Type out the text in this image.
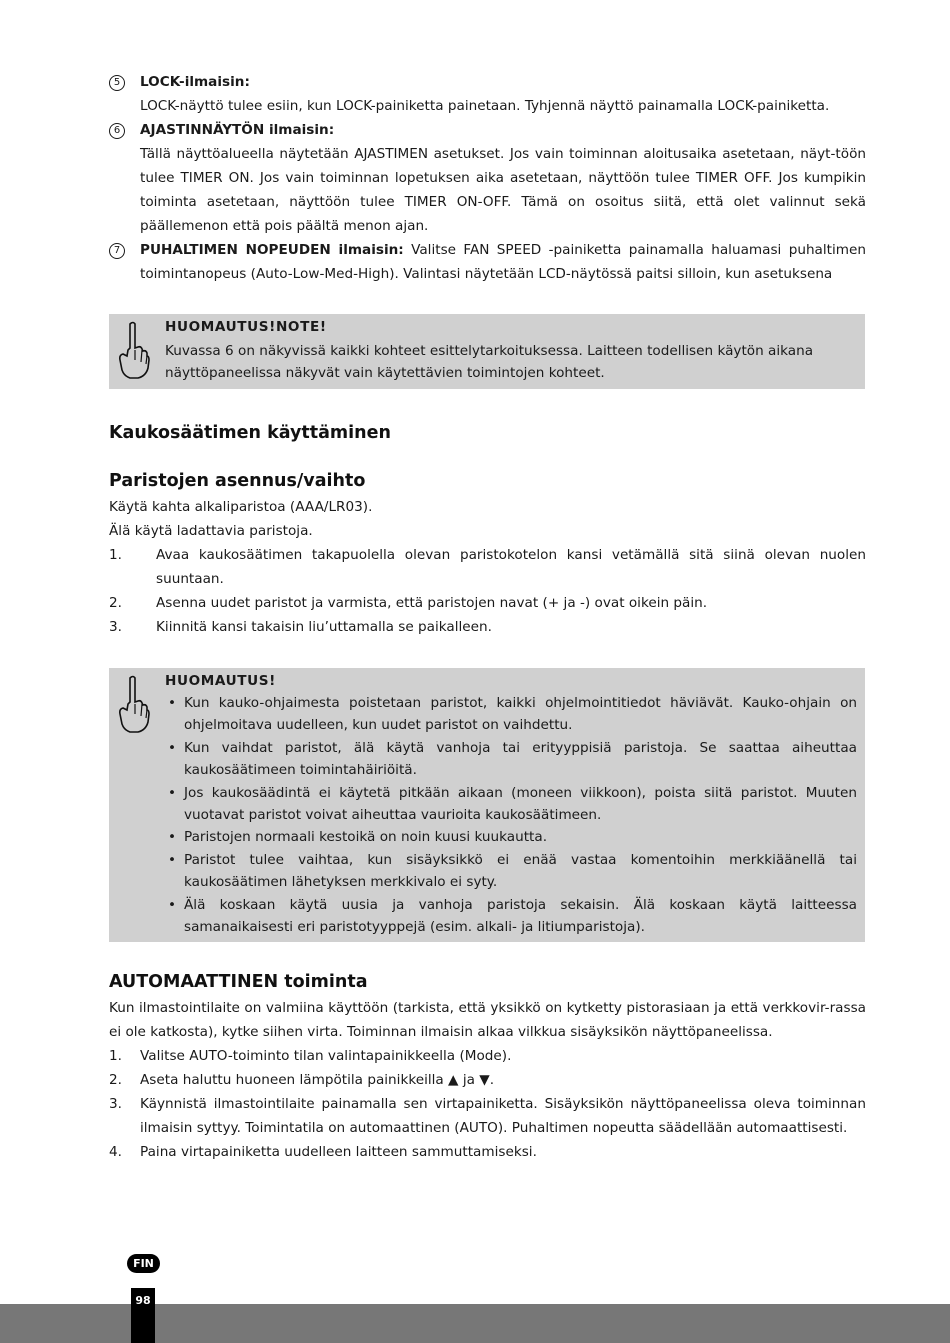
5	LOCK-ilmaisin:
LOCK-näyttö tulee esiin, kun LOCK-painiketta painetaan. Tyhjennä näyttö painamalla LOCK-painiketta.
6	AJASTINNÄYTÖN ilmaisin:
Tällä näyttöalueella näytetään AJASTIMEN asetukset. Jos vain toiminnan aloitusaika asetetaan, näyt-töön tulee TIMER ON. Jos vain toiminnan lopetuksen aika asetetaan, näyttöön tulee TIMER OFF. Jos kumpikin toiminta asetetaan, näyttöön tulee TIMER ON-OFF. Tämä on osoitus siitä, että olet valinnut sekä päällemenon että pois päältä menon ajan.
7	PUHALTIMEN NOPEUDEN ilmaisin: Valitse FAN SPEED -painiketta painamalla haluamasi puhaltimen toimintanopeus (Auto-Low-Med-High). Valintasi näytetään LCD-näytössä paitsi silloin, kun asetuksena
HUOMAUTUS!NOTE!
Kuvassa 6 on näkyvissä kaikki kohteet esittelytarkoituksessa. Laitteen todellisen käytön aikana näyttöpaneelissa näkyvät vain käytettävien toimintojen kohteet.
Kaukosäätimen käyttäminen
Paristojen asennus/vaihto

Käytä kahta alkaliparistoa (AAA/LR03).

Älä käytä ladattavia paristoja.

1.	Avaa kaukosäätimen takapuolella olevan paristokotelon kansi vetämällä sitä siinä olevan nuolen suuntaan.
2.	Asenna uudet paristot ja varmista, että paristojen navat (+ ja -) ovat oikein päin.
3.	Kiinnitä kansi takaisin liu’uttamalla se paikalleen.
HUOMAUTUS!
• Kun kauko-ohjaimesta poistetaan paristot, kaikki ohjelmointitiedot häviävät. Kauko-ohjain on ohjelmoitava uudelleen, kun uudet paristot on vaihdettu.
• Kun vaihdat paristot, älä käytä vanhoja tai erityyppisiä paristoja. Se saattaa aiheuttaa kaukosäätimeen toimintahäiriöitä.
• Jos kaukosäädintä ei käytetä pitkään aikaan (moneen viikkoon), poista siitä paristot. Muuten vuotavat paristot voivat aiheuttaa vaurioita kaukosäätimeen.
• Paristojen normaali kestoikä on noin kuusi kuukautta.
• Paristot tulee vaihtaa, kun sisäyksikkö ei enää vastaa komentoihin merkkiäänellä tai kaukosäätimen lähetyksen merkkivalo ei syty.
• Älä koskaan käytä uusia ja vanhoja paristoja sekaisin. Älä koskaan käytä laitteessa samanaikaisesti eri paristotyyppejä (esim. alkali- ja litiumparistoja).
AUTOMAATTINEN toiminta

Kun ilmastointilaite on valmiina käyttöön (tarkista, että yksikkö on kytketty pistorasiaan ja että verkkovir-rassa ei ole katkosta), kytke siihen virta. Toiminnan ilmaisin alkaa vilkkua sisäyksikön näyttöpaneelissa.

1. Valitse AUTO-toiminto tilan valintapainikkeella (Mode).
2. Aseta haluttu huoneen lämpötila painikkeilla ▲ ja ▼.
3. Käynnistä ilmastointilaite painamalla sen virtapainiketta. Sisäyksikön näyttöpaneelissa oleva toiminnan ilmaisin syttyy. Toimintatila on automaattinen (AUTO). Puhaltimen nopeutta säädellään automaattisesti.
4. Paina virtapainiketta uudelleen laitteen sammuttamiseksi.
FIN
98
